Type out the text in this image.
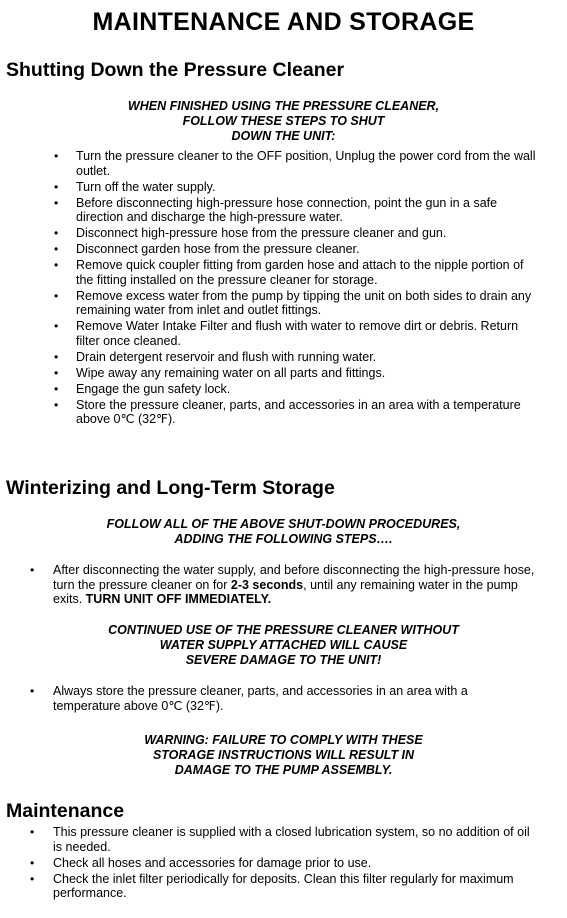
MAINTENANCE AND STORAGE
Shutting Down the Pressure Cleaner
WHEN FINISHED USING THE PRESSURE CLEANER,
FOLLOW THESE STEPS TO SHUT
DOWN THE UNIT:
•	Turn the pressure cleaner to the OFF position, Unplug the power cord from the wall outlet.
•	Turn off the water supply.
•	Before disconnecting high-pressure hose connection, point the gun in a safe direction and discharge the high-pressure water.
•	Disconnect high-pressure hose from the pressure cleaner and gun.
•	Disconnect garden hose from the pressure cleaner.
•	Remove quick coupler fitting from garden hose and attach to the nipple portion of the fitting installed on the pressure cleaner for storage.
•	Remove excess water from the pump by tipping the unit on both sides to drain any remaining water from inlet and outlet fittings.
•	Remove Water Intake Filter and flush with water to remove dirt or debris. Return filter once cleaned.
•	Drain detergent reservoir and flush with running water.
•	Wipe away any remaining water on all parts and fittings.
•	Engage the gun safety lock.
•	Store the pressure cleaner, parts, and accessories in an area with a temperature above 0℃ (32℉).
Winterizing and Long-Term Storage
FOLLOW ALL OF THE ABOVE SHUT-DOWN PROCEDURES,
ADDING THE FOLLOWING STEPS….
•	After disconnecting the water supply, and before disconnecting the high-pressure hose, turn the pressure cleaner on for 2-3 seconds, until any remaining water in the pump exits. TURN UNIT OFF IMMEDIATELY.
CONTINUED USE OF THE PRESSURE CLEANER WITHOUT
WATER SUPPLY ATTACHED WILL CAUSE
SEVERE DAMAGE TO THE UNIT!
•	Always store the pressure cleaner, parts, and accessories in an area with a temperature above 0℃ (32℉).
WARNING: FAILURE TO COMPLY WITH THESE
STORAGE INSTRUCTIONS WILL RESULT IN
DAMAGE TO THE PUMP ASSEMBLY.
Maintenance
•	This pressure cleaner is supplied with a closed lubrication system, so no addition of oil is needed.
•	Check all hoses and accessories for damage prior to use.
•	Check the inlet filter periodically for deposits. Clean this filter regularly for maximum performance.
